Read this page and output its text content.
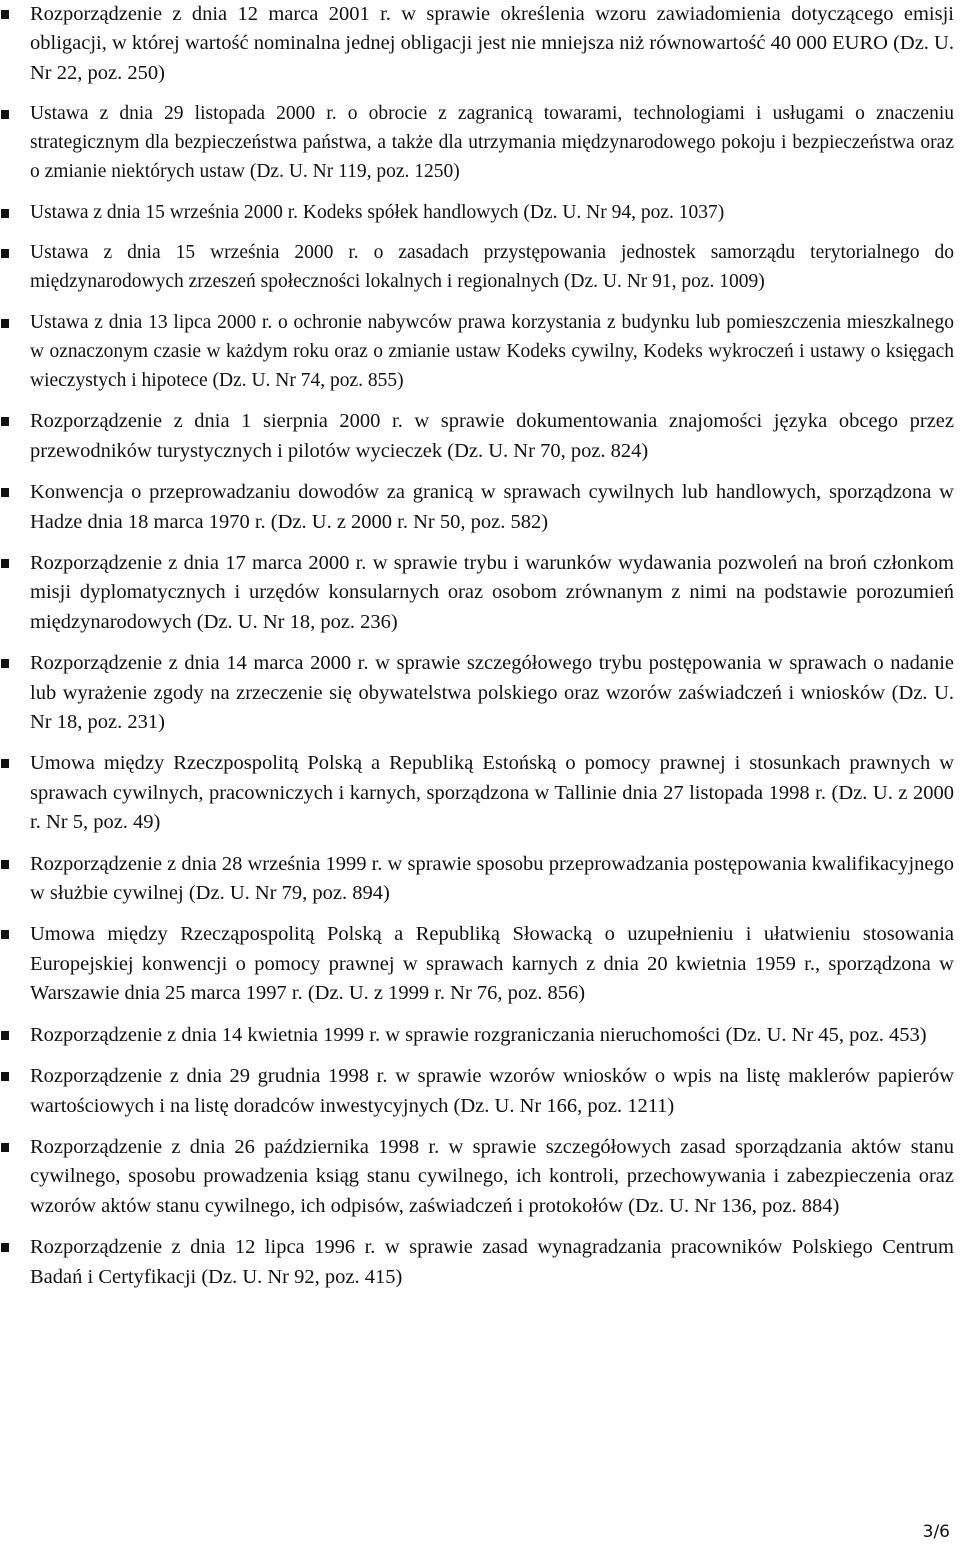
Rozporządzenie z dnia 12 marca 2001 r. w sprawie określenia wzoru zawiadomienia dotyczącego emisji obligacji, w której wartość nominalna jednej obligacji jest nie mniejsza niż równowartość 40 000 EURO (Dz. U. Nr 22, poz. 250)
Ustawa z dnia 29 listopada 2000 r. o obrocie z zagranicą towarami, technologiami i usługami o znaczeniu strategicznym dla bezpieczeństwa państwa, a także dla utrzymania międzynarodowego pokoju i bezpieczeństwa oraz o zmianie niektórych ustaw (Dz. U. Nr 119, poz. 1250)
Ustawa z dnia 15 września 2000 r. Kodeks spółek handlowych (Dz. U. Nr 94, poz. 1037)
Ustawa z dnia 15 września 2000 r. o zasadach przystępowania jednostek samorządu terytorialnego do międzynarodowych zrzeszeń społeczności lokalnych i regionalnych (Dz. U. Nr 91, poz. 1009)
Ustawa z dnia 13 lipca 2000 r. o ochronie nabywców prawa korzystania z budynku lub pomieszczenia mieszkalnego w oznaczonym czasie w każdym roku oraz o zmianie ustaw Kodeks cywilny, Kodeks wykroczeń i ustawy o księgach wieczystych i hipotece (Dz. U. Nr 74, poz. 855)
Rozporządzenie z dnia 1 sierpnia 2000 r. w sprawie dokumentowania znajomości języka obcego przez przewodników turystycznych i pilotów wycieczek (Dz. U. Nr 70, poz. 824)
Konwencja o przeprowadzaniu dowodów za granicą w sprawach cywilnych lub handlowych, sporządzona w Hadze dnia 18 marca 1970 r. (Dz. U. z 2000 r. Nr 50, poz. 582)
Rozporządzenie z dnia 17 marca 2000 r. w sprawie trybu i warunków wydawania pozwoleń na broń członkom misji dyplomatycznych i urzędów konsularnych oraz osobom zrównanym z nimi na podstawie porozumień międzynarodowych (Dz. U. Nr 18, poz. 236)
Rozporządzenie z dnia 14 marca 2000 r. w sprawie szczegółowego trybu postępowania w sprawach o nadanie lub wyrażenie zgody na zrzeczenie się obywatelstwa polskiego oraz wzorów zaświadczeń i wniosków (Dz. U. Nr 18, poz. 231)
Umowa między Rzeczpospolitą Polską a Republiką Estońską o pomocy prawnej i stosunkach prawnych w sprawach cywilnych, pracowniczych i karnych, sporządzona w Tallinie dnia 27 listopada 1998 r. (Dz. U. z 2000 r. Nr 5, poz. 49)
Rozporządzenie z dnia 28 września 1999 r. w sprawie sposobu przeprowadzania postępowania kwalifikacyjnego w służbie cywilnej (Dz. U. Nr 79, poz. 894)
Umowa między Rzecząpospolitą Polską a Republiką Słowacką o uzupełnieniu i ułatwieniu stosowania Europejskiej konwencji o pomocy prawnej w sprawach karnych z dnia 20 kwietnia 1959 r., sporządzona w Warszawie dnia 25 marca 1997 r. (Dz. U. z 1999 r. Nr 76, poz. 856)
Rozporządzenie z dnia 14 kwietnia 1999 r. w sprawie rozgraniczania nieruchomości (Dz. U. Nr 45, poz. 453)
Rozporządzenie z dnia 29 grudnia 1998 r. w sprawie wzorów wniosków o wpis na listę maklerów papierów wartościowych i na listę doradców inwestycyjnych (Dz. U. Nr 166, poz. 1211)
Rozporządzenie z dnia 26 października 1998 r. w sprawie szczegółowych zasad sporządzania aktów stanu cywilnego, sposobu prowadzenia ksiąg stanu cywilnego, ich kontroli, przechowywania i zabezpieczenia oraz wzorów aktów stanu cywilnego, ich odpisów, zaświadczeń i protokołów (Dz. U. Nr 136, poz. 884)
Rozporządzenie z dnia 12 lipca 1996 r. w sprawie zasad wynagradzania pracowników Polskiego Centrum Badań i Certyfikacji (Dz. U. Nr 92, poz. 415)
3/6
